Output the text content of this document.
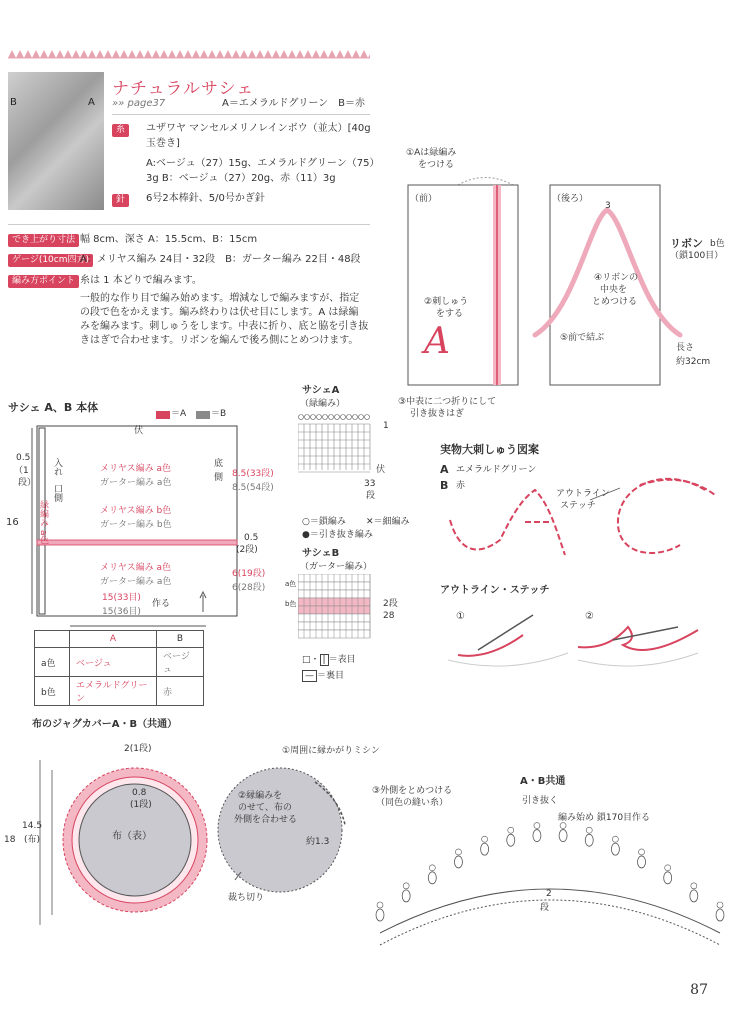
B	A
ナチュラルサシェ
»» page37	A＝エメラルドグリーン　B＝赤
糸	ユザワヤ マンセルメリノレインボウ（並太）[40g
玉巻き]
A:ベージュ（27）15g、エメラルドグリーン（75）
3g B：ベージュ（27）20g、赤（11）3g
針	6号2本棒針、5/0号かぎ針
でき上がり寸法 幅 8cm、深さ A：15.5cm、B：15cm
ゲージ(10cm四方)
A：メリヤス編み 24目・32段　B：ガーター編み 22目・48段
編み方ポイント 糸は 1 本どりで編みます。
一般的な作り目で編み始めます。増減なしで編みますが、指定
の段で色をかえます。編み終わりは伏せ目にします。A は緑編
みを編みます。刺しゅうをします。中表に折り、底と脇を引き抜
きはぎで合わせます。リボンを編んで後ろ側にとめつけます。
①Aは緑編み
をつける
（前）	（後ろ）
②刺しゅう
をする
A
3
リボン b色
（鎖100目）
④リボンの
中央を
とめつける
⑤前で結ぶ
長さ
約32cm
③中表に二つ折りにして
引き抜きはぎ
サシェ A、B 本体	＝A	＝B
伏
0.5
（1
段）
入れ
口側
緑編み
a色
16
底
側
メリヤス編み a色
ガーター編み a色
メリヤス編み b色
ガーター編み b色
メリヤス編み a色
ガーター編み a色
8.5(33段)
8.5(54段)
0.5
(2段)
6(19段)
6(28段)
15(33目)
15(36目)
作る
	A	B
a色	ベージュ	ベージュ
b色	エメラルドグリーン	赤
サシェA
（緑編み）
1
伏
33
段
○＝鎖編み ✕＝細編み
●＝引き抜き編み
サシェB
（ガーター編み）
a色
b色	2段
28
□・ | ＝表目
— ＝裏目
実物大刺しゅう図案
A エメラルドグリーン
B 赤
アウトライン
ステッチ
アウトライン・ステッチ
①	②
布のジャグカバーA・B（共通）
2(1段)
0.8
(1段)
布（表）
14.5
18 (布)
①周囲に縁かがりミシン
②縁編みを
のせて、布の
外側を合わせる
③外側をとめつける
（同色の縫い糸）
約1.3
裁ち切り
A・B共通
引き抜く
編み始め 鎖170目作る
2
段
87
